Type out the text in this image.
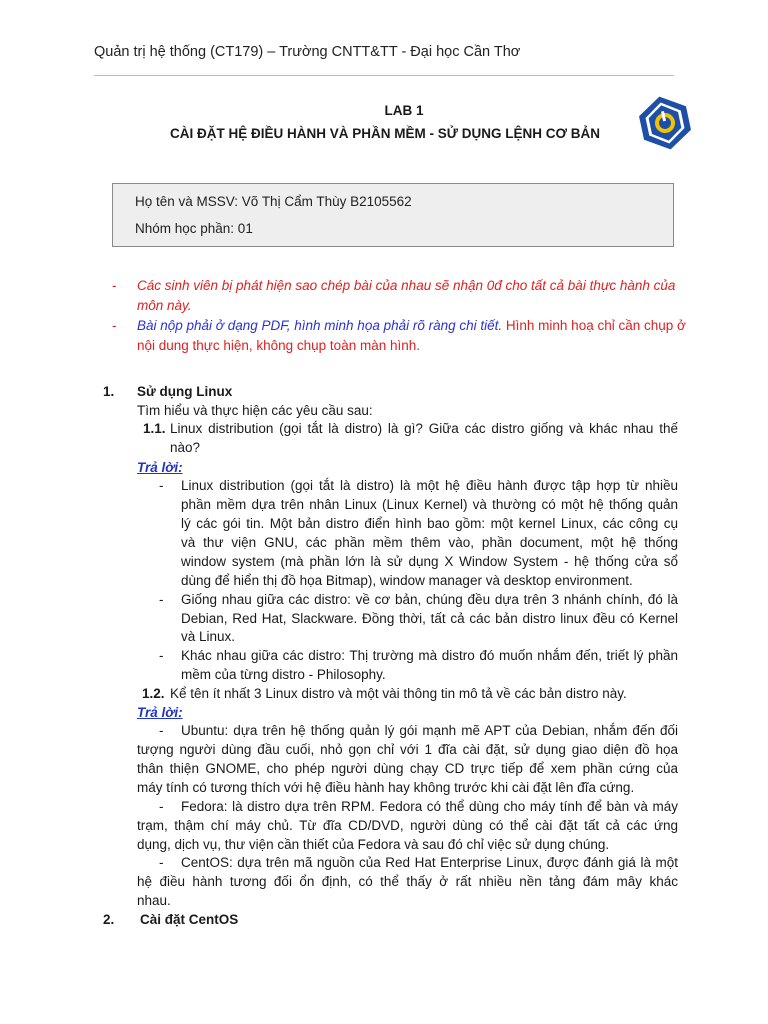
Quản trị hệ thống (CT179) – Trường CNTT&TT - Đại học Cần Thơ
LAB 1
CÀI ĐẶT HỆ ĐIỀU HÀNH VÀ PHẦN MỀM - SỬ DỤNG LỆNH CƠ BẢN
Họ tên và MSSV: Võ Thị Cẩm Thùy B2105562
Nhóm học phần: 01
- Các sinh viên bị phát hiện sao chép bài của nhau sẽ nhận 0đ cho tất cả bài thực hành của môn này.
- Bài nộp phải ở dạng PDF, hình minh họa phải rõ ràng chi tiết. Hình minh hoạ chỉ cần chụp ở nội dung thực hiện, không chụp toàn màn hình.
1. Sử dụng Linux
Tìm hiểu và thực hiện các yêu cầu sau:
1.1. Linux distribution (gọi tắt là distro) là gì? Giữa các distro giống và khác nhau thế
nào?
Trả lời:
- Linux distribution (gọi tắt là distro) là một hệ điều hành được tập hợp từ nhiều
phần mềm dựa trên nhân Linux (Linux Kernel) và thường có một hệ thống quản
lý các gói tin. Một bản distro điển hình bao gồm: một kernel Linux, các công cụ
và thư viện GNU, các phần mềm thêm vào, phần document, một hệ thống
window system (mà phần lớn là sử dụng X Window System - hệ thống cửa sổ
dùng để hiển thị đồ họa Bitmap), window manager và desktop environment.
- Giống nhau giữa các distro: về cơ bản, chúng đều dựa trên 3 nhánh chính, đó là
Debian, Red Hat, Slackware. Đồng thời, tất cả các bản distro linux đều có Kernel
và Linux.
- Khác nhau giữa các distro: Thị trường mà distro đó muốn nhắm đến, triết lý phần
mềm của từng distro - Philosophy.
1.2. Kể tên ít nhất 3 Linux distro và một vài thông tin mô tả về các bản distro này.
Trả lời:
- Ubuntu: dựa trên hệ thống quản lý gói mạnh mẽ APT của Debian, nhắm đến đối
tượng người dùng đầu cuối, nhỏ gọn chỉ với 1 đĩa cài đặt, sử dụng giao diện đồ họa
thân thiện GNOME, cho phép người dùng chạy CD trực tiếp để xem phần cứng của
máy tính có tương thích với hệ điều hành hay không trước khi cài đặt lên đĩa cứng.
- Fedora: là distro dựa trên RPM. Fedora có thể dùng cho máy tính để bàn và máy
trạm, thậm chí máy chủ. Từ đĩa CD/DVD, người dùng có thể cài đặt tất cả các ứng
dụng, dịch vụ, thư viện cần thiết của Fedora và sau đó chỉ việc sử dụng chúng.
- CentOS: dựa trên mã nguồn của Red Hat Enterprise Linux, được đánh giá là một
hệ điều hành tương đối ổn định, có thể thấy ở rất nhiều nền tảng đám mây khác
nhau.
2. Cài đặt CentOS
